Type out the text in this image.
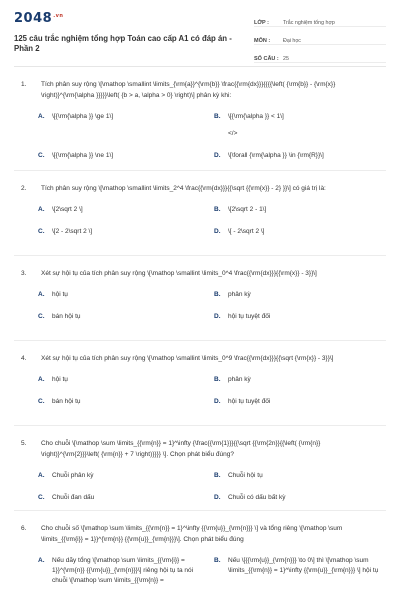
$2048^{.vn}$
125 câu trắc nghiệm tổng hợp Toán cao cấp A1 có đáp án - Phần 2
LỚP :	Trắc nghiệm tổng hợp
MÔN :	Đại học
SỐ CÂU : 25
1.	Tích phân suy rộng \[\mathop \smallint \limits_{\rm{a}}^{\rm{b}} \frac{{\rm{dx}}}{{{{\left( {\rm{b}} - {\rm{x}} \right)}^{\rm{\alpha }}}}}\left( {b > a, \alpha > 0} \right)\] phân kỳ khi:
A.	\[{\rm{\alpha }} \ge 1\]	B.	\[{\rm{\alpha }} < 1\]
</>
C.	\[{\rm{\alpha }} \ne 1\]	D.	\[\forall {\rm{\alpha }} \in {\rm{R}}\]
2.	Tích phân suy rộng \[\mathop \smallint \limits_2^4 \frac{{\rm{dx}}}{{\sqrt {{\rm{x}} - 2} }}\] có giá trị là:
A.	\[2\sqrt 2 \]	B.	\[2\sqrt 2 - 1\]
C.	\[2 - 2\sqrt 2 \]	D.	\[ - 2\sqrt 2 \]
3.	Xét sự hội tụ của tích phân suy rộng \[\mathop \smallint \limits_0^4 \frac{{\rm{dx}}}{{\rm{x}} - 3}}\]
A.	hội tụ	B.	phân kỳ
C.	bán hội tụ	D.	hội tụ tuyệt đối
4.	Xét sự hội tụ của tích phân suy rộng \[\mathop \smallint \limits_0^9 \frac{{\rm{dx}}}{{\sqrt {\rm{x}} - 3}}\]
A.	hội tụ	B.	phân kỳ
C.	bán hội tụ	D.	hội tụ tuyệt đối
5.	Cho chuỗi \[\mathop \sum \limits_{{\rm{n}} = 1}^\infty {\frac{{\rm{1}}}{{\sqrt {{\rm{2n}}{{\left( {\rm{n}} \right)}^{\rm{2}}}\left( {\rm{n}} + 7 \right)}}}} \]. Chọn phát biểu đúng?
A.	Chuỗi phân kỳ	B.	Chuỗi hội tụ
C.	Chuỗi đan dấu	D.	Chuỗi có dấu bất kỳ
6.	Cho chuỗi số \[\mathop \sum \limits_{{\rm{n}} = 1}^\infty {{\rm{u}}_{\rm{n}}} \] và tổng riêng \[\mathop \sum \limits_{{\rm{i}} = 1}}^{\rm{n}} {{\rm{u}}_{\rm{n}}}\]. Chọn phát biểu đúng
A.	Nếu dãy tổng \[\mathop \sum \limits_{{\rm{i}} = 1}}^{\rm{n}} {{\rm{u}}_{\rm{n}}}\] riêng hội tụ ta nói chuỗi \[\mathop \sum \limits_{{\rm{n}} =
B.	Nếu \[{{\rm{u}}_{\rm{n}}} \to 0\] thì \[\mathop \sum \limits_{{\rm{n}} = 1}^\infty {{\rm{u}}_{\rm{n}}} \] hội tụ
